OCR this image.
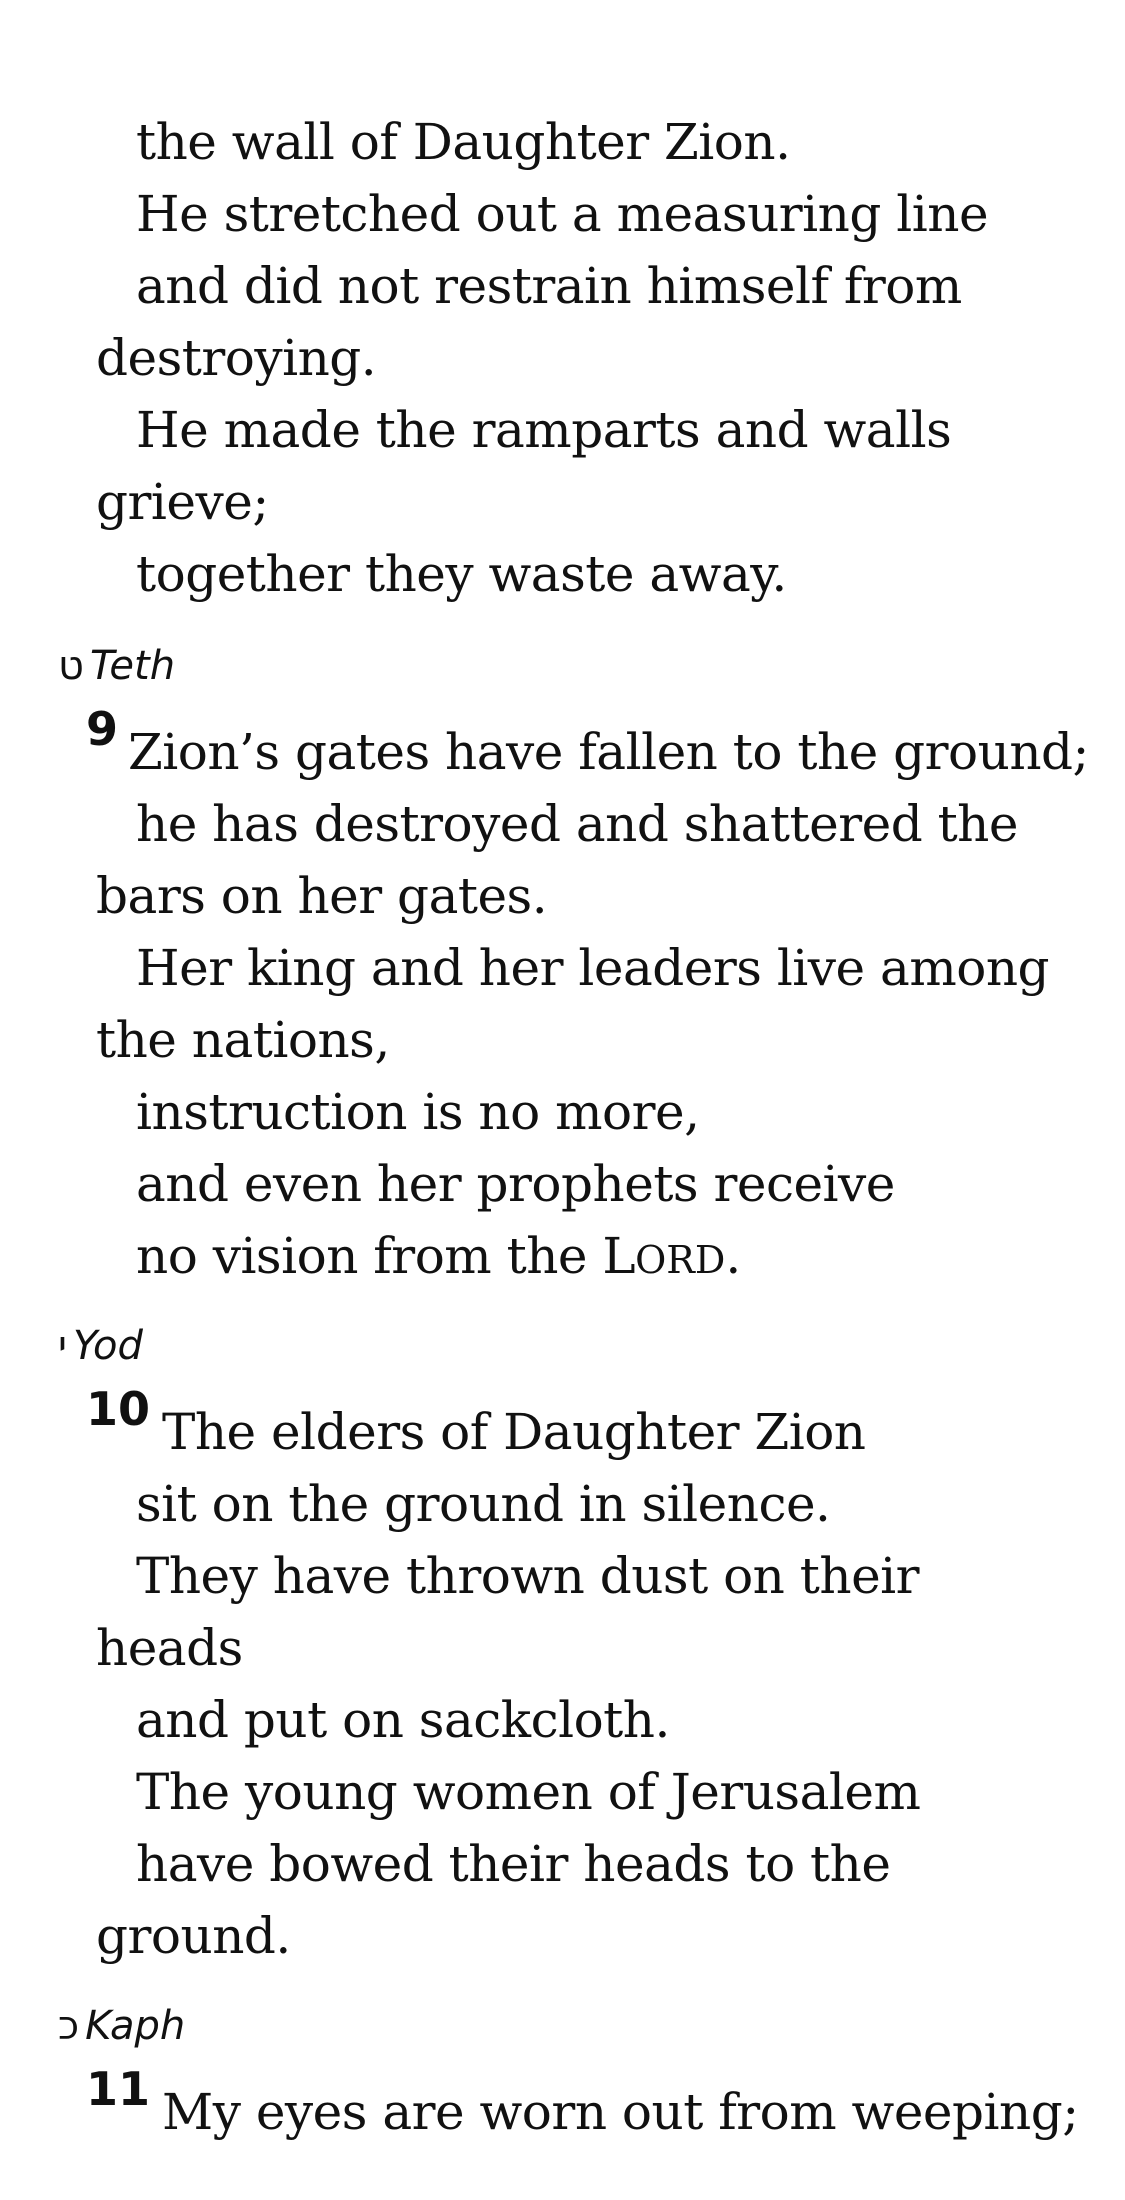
the wall of Daughter Zion.
He stretched out a measuring line
and did not restrain himself from
destroying.
He made the ramparts and walls
grieve;
together they waste away.
ט Teth
9 Zion’s gates have fallen to the ground;
he has destroyed and shattered the
bars on her gates.
Her king and her leaders live among
the nations,
instruction is no more,
and even her prophets receive
no vision from the LORD.
י Yod
10 The elders of Daughter Zion
sit on the ground in silence.
They have thrown dust on their
heads
and put on sackcloth.
The young women of Jerusalem
have bowed their heads to the
ground.
כ Kaph
11 My eyes are worn out from weeping;
